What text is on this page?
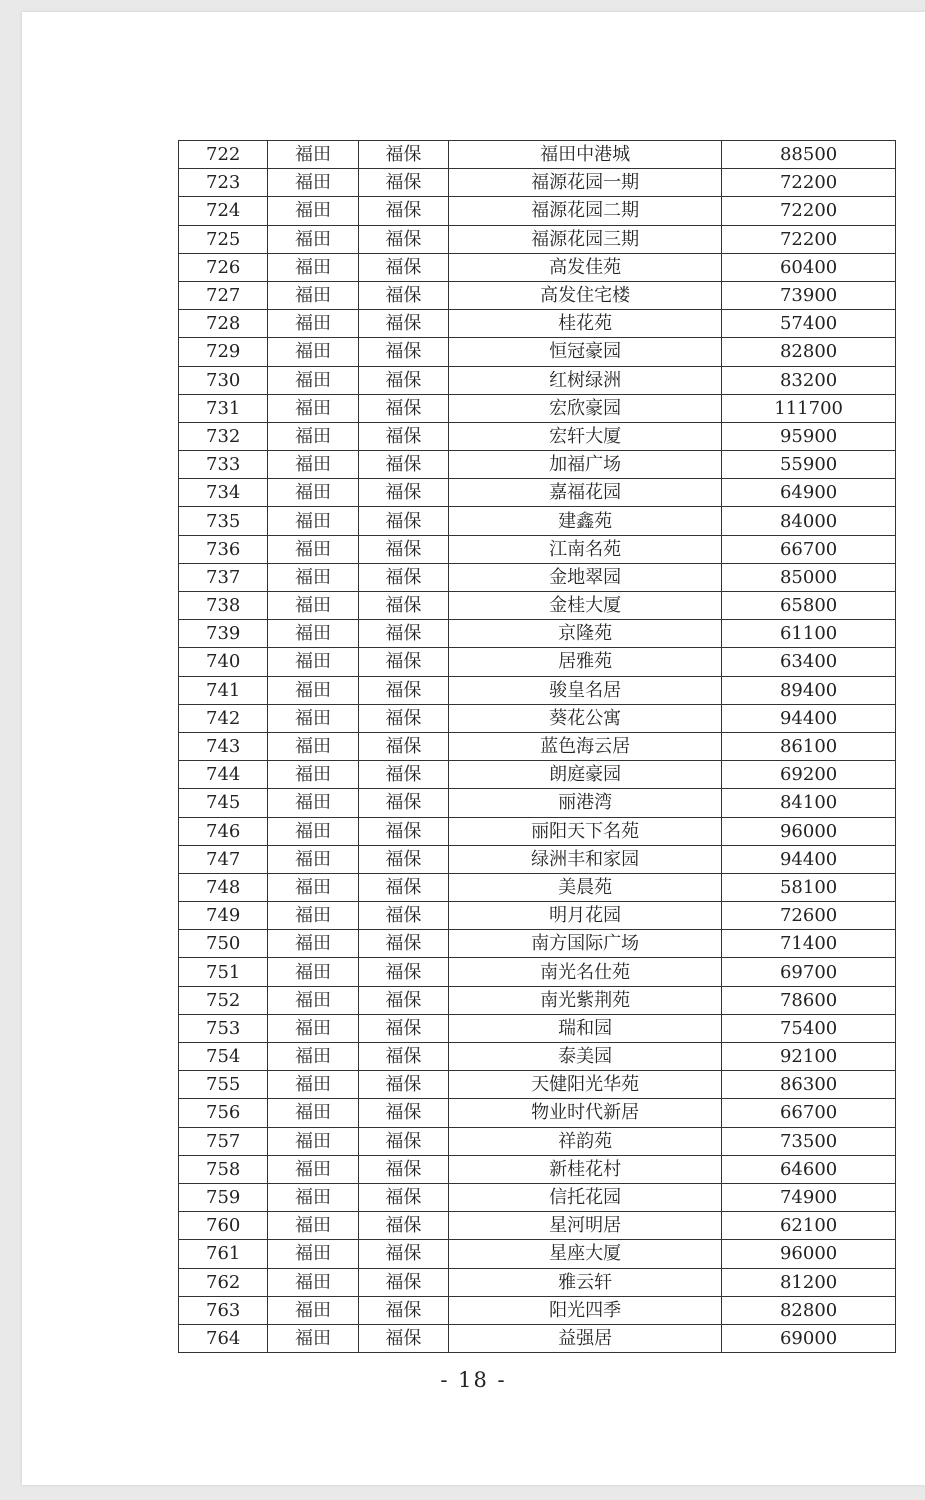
722	福田	福保	福田中港城	88500
723	福田	福保	福源花园一期	72200
724	福田	福保	福源花园二期	72200
725	福田	福保	福源花园三期	72200
726	福田	福保	高发佳苑	60400
727	福田	福保	高发住宅楼	73900
728	福田	福保	桂花苑	57400
729	福田	福保	恒冠豪园	82800
730	福田	福保	红树绿洲	83200
731	福田	福保	宏欣豪园	111700
732	福田	福保	宏轩大厦	95900
733	福田	福保	加福广场	55900
734	福田	福保	嘉福花园	64900
735	福田	福保	建鑫苑	84000
736	福田	福保	江南名苑	66700
737	福田	福保	金地翠园	85000
738	福田	福保	金桂大厦	65800
739	福田	福保	京隆苑	61100
740	福田	福保	居雅苑	63400
741	福田	福保	骏皇名居	89400
742	福田	福保	葵花公寓	94400
743	福田	福保	蓝色海云居	86100
744	福田	福保	朗庭豪园	69200
745	福田	福保	丽港湾	84100
746	福田	福保	丽阳天下名苑	96000
747	福田	福保	绿洲丰和家园	94400
748	福田	福保	美晨苑	58100
749	福田	福保	明月花园	72600
750	福田	福保	南方国际广场	71400
751	福田	福保	南光名仕苑	69700
752	福田	福保	南光紫荆苑	78600
753	福田	福保	瑞和园	75400
754	福田	福保	泰美园	92100
755	福田	福保	天健阳光华苑	86300
756	福田	福保	物业时代新居	66700
757	福田	福保	祥韵苑	73500
758	福田	福保	新桂花村	64600
759	福田	福保	信托花园	74900
760	福田	福保	星河明居	62100
761	福田	福保	星座大厦	96000
762	福田	福保	雅云轩	81200
763	福田	福保	阳光四季	82800
764	福田	福保	益强居	69000
- 18 -
